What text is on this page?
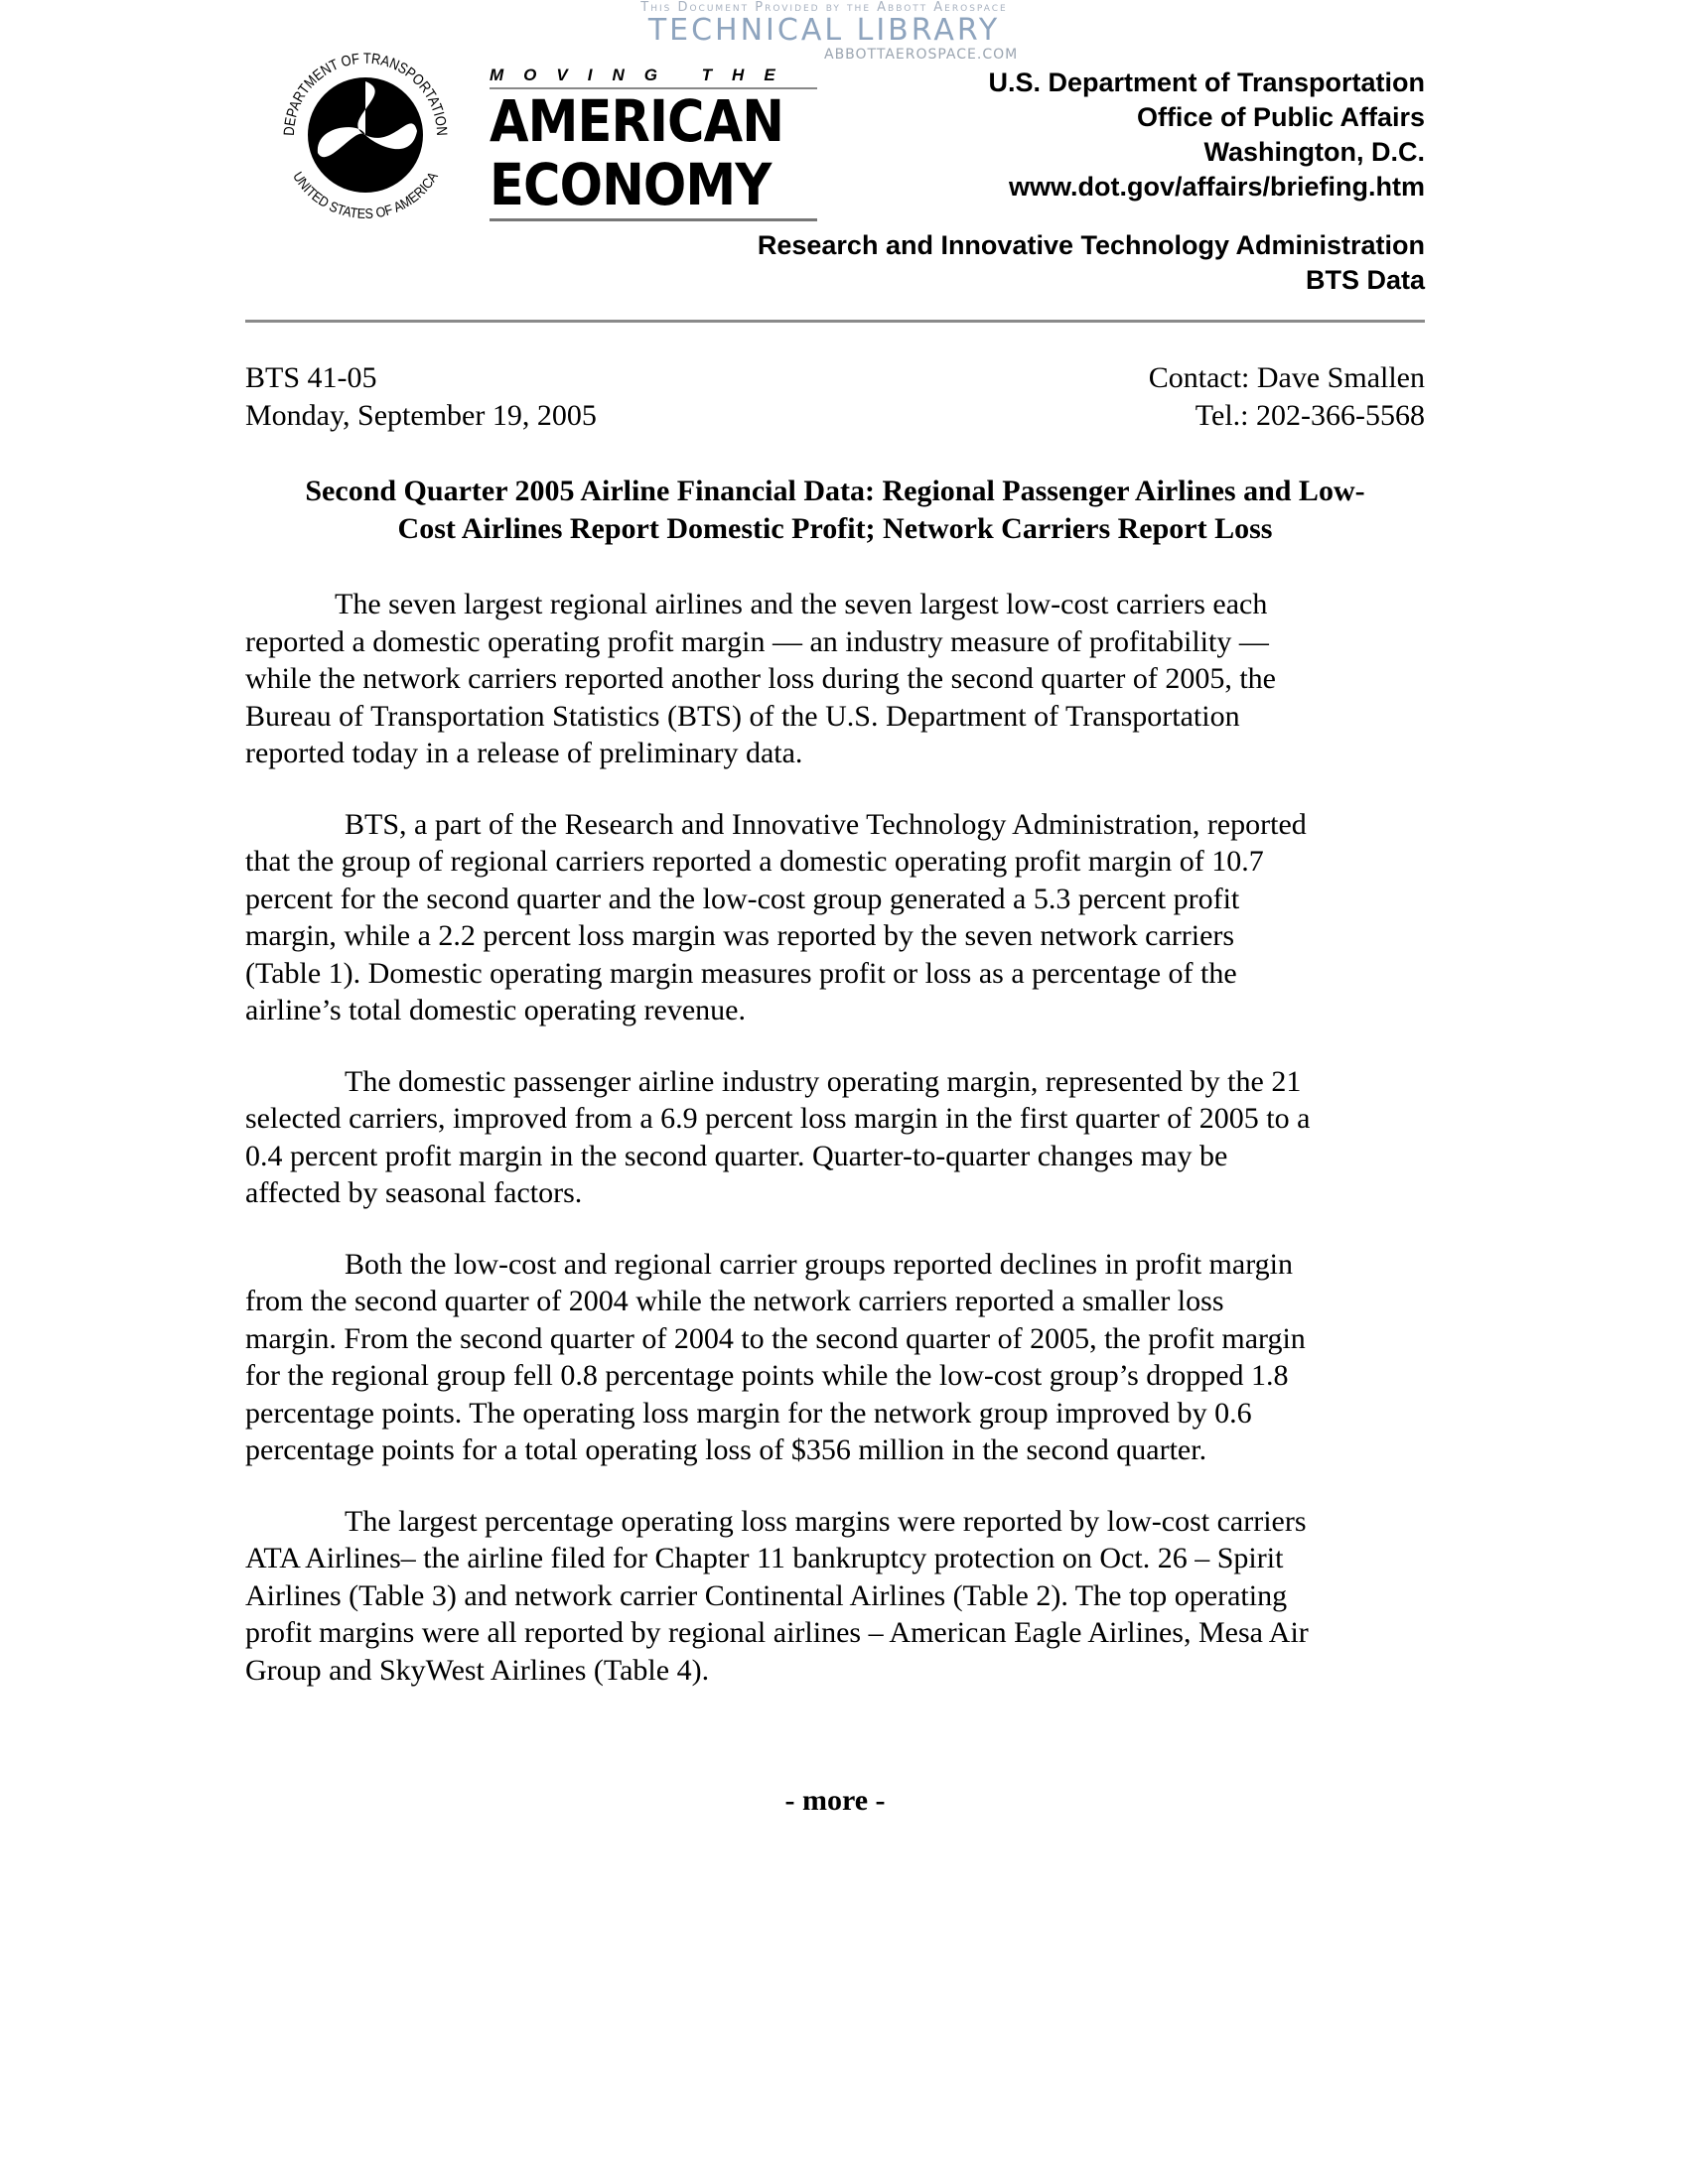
This Document Provided by the Abbott Aerospace
TECHNICAL LIBRARY
ABBOTTAEROSPACE.COM
DEPARTMENT OF TRANSPORTATION
UNITED STATES OF AMERICA
MOVING THE
AMERICAN
ECONOMY
U.S. Department of Transportation
Office of Public Affairs
Washington, D.C.
www.dot.gov/affairs/briefing.htm
Research and Innovative Technology Administration
BTS Data
BTS 41-05
Monday, September 19, 2005
Contact: Dave Smallen
Tel.: 202-366-5568
Second Quarter 2005 Airline Financial Data: Regional Passenger Airlines and Low-
Cost Airlines Report Domestic Profit; Network Carriers Report Loss
The seven largest regional airlines and the seven largest low-cost carriers each
reported a domestic operating profit margin — an industry measure of profitability —
while the network carriers reported another loss during the second quarter of 2005, the
Bureau of Transportation Statistics (BTS) of the U.S. Department of Transportation
reported today in a release of preliminary data.
BTS, a part of the Research and Innovative Technology Administration, reported
that the group of regional carriers reported a domestic operating profit margin of 10.7
percent for the second quarter and the low-cost group generated a 5.3 percent profit
margin, while a 2.2 percent loss margin was reported by the seven network carriers
(Table 1). Domestic operating margin measures profit or loss as a percentage of the
airline’s total domestic operating revenue.
The domestic passenger airline industry operating margin, represented by the 21
selected carriers, improved from a 6.9 percent loss margin in the first quarter of 2005 to a
0.4 percent profit margin in the second quarter. Quarter-to-quarter changes may be
affected by seasonal factors.
Both the low-cost and regional carrier groups reported declines in profit margin
from the second quarter of 2004 while the network carriers reported a smaller loss
margin. From the second quarter of 2004 to the second quarter of 2005, the profit margin
for the regional group fell 0.8 percentage points while the low-cost group’s dropped 1.8
percentage points. The operating loss margin for the network group improved by 0.6
percentage points for a total operating loss of $356 million in the second quarter.
The largest percentage operating loss margins were reported by low-cost carriers
ATA Airlines– the airline filed for Chapter 11 bankruptcy protection on Oct. 26 – Spirit
Airlines (Table 3) and network carrier Continental Airlines (Table 2). The top operating
profit margins were all reported by regional airlines – American Eagle Airlines, Mesa Air
Group and SkyWest Airlines (Table 4).
- more -
